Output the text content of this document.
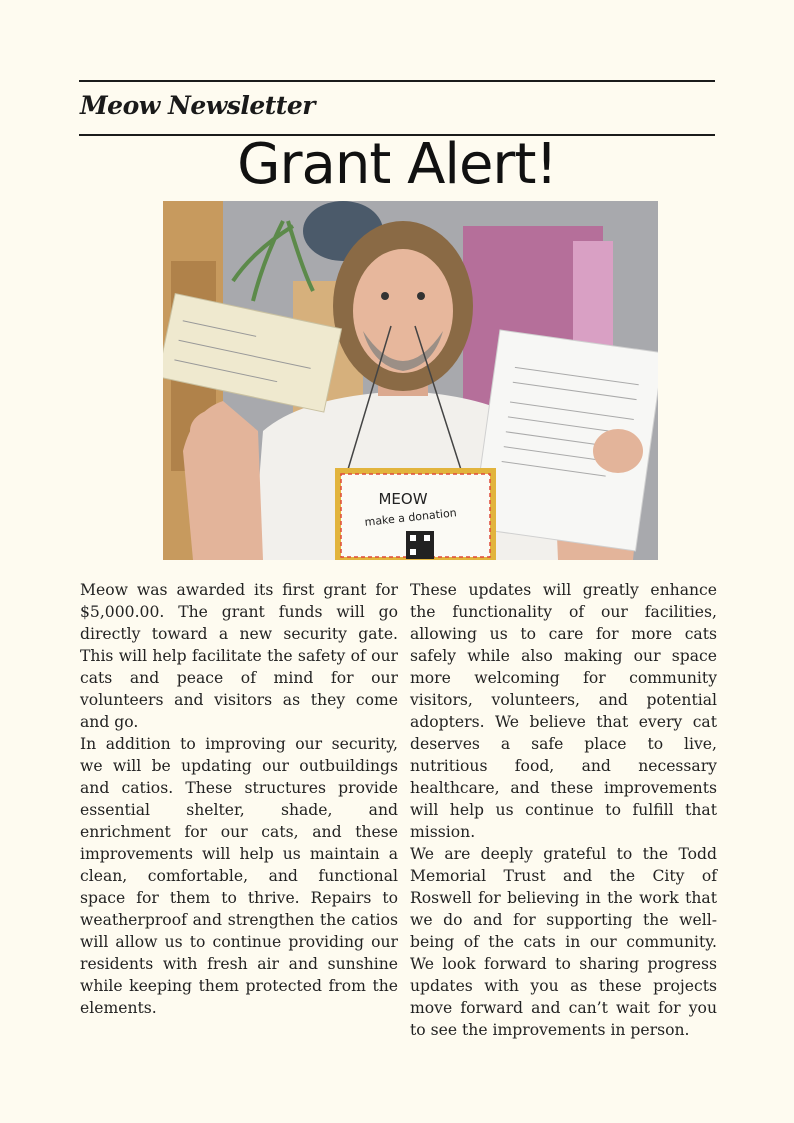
Meow Newsletter
Grant Alert!
MEOW
make a donation

Meow was awarded its first grant for $5,000.00. The grant funds will go directly toward a new security gate. This will help facilitate the safety of our cats and peace of mind for our volunteers and visitors as they come and go.

In addition to improving our security, we will be updating our outbuildings and catios. These structures provide essential shelter, shade, and enrichment for our cats, and these improvements will help us maintain a clean, comfortable, and functional space for them to thrive. Repairs to weatherproof and strengthen the catios will allow us to continue providing our residents with fresh air and sunshine while keeping them protected from the elements.

These updates will greatly enhance the functionality of our facilities, allowing us to care for more cats safely while also making our space more welcoming for community visitors, volunteers, and potential adopters. We believe that every cat deserves a safe place to live, nutritious food, and necessary healthcare, and these improvements will help us continue to fulfill that mission.

We are deeply grateful to the Todd Memorial Trust and the City of Roswell for believing in the work that we do and for supporting the well-being of the cats in our community. We look forward to sharing progress updates with you as these projects move forward and can’t wait for you to see the improvements in person.
